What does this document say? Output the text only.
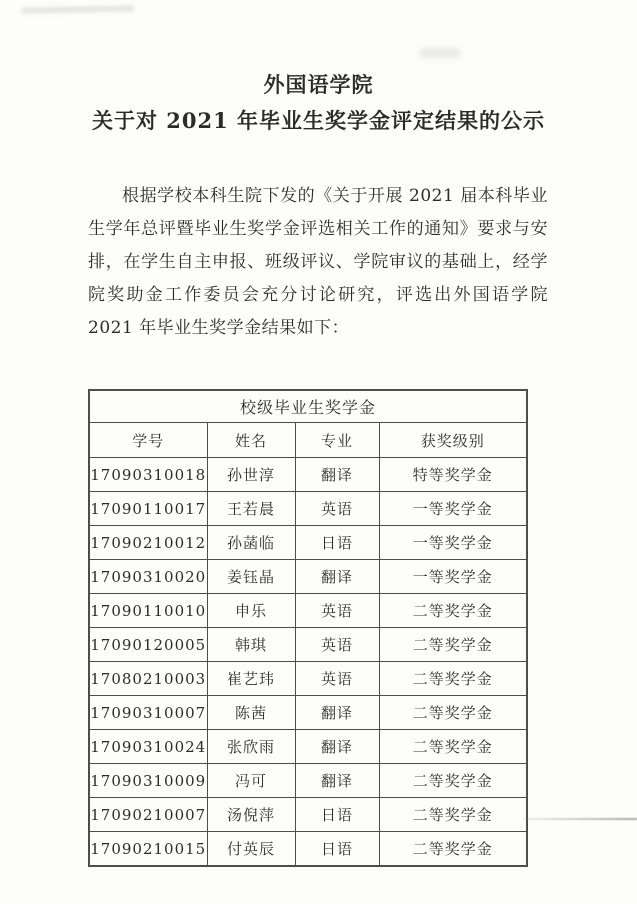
外国语学院
关于对 2021 年毕业生奖学金评定结果的公示

根据学校本科生院下发的《关于开展 2021 届本科毕业生学年总评暨毕业生奖学金评选相关工作的通知》要求与安排，在学生自主申报、班级评议、学院审议的基础上，经学院奖助金工作委员会充分讨论研究，评选出外国语学院 2021 年毕业生奖学金结果如下：

校级毕业生奖学金			
学号	姓名	专业	获奖级别
17090310018	孙世淳	翻译	特等奖学金
17090110017	王若晨	英语	一等奖学金
17090210012	孙菡临	日语	一等奖学金
17090310020	姜钰晶	翻译	一等奖学金
17090110010	申乐	英语	二等奖学金
17090120005	韩琪	英语	二等奖学金
17080210003	崔艺玮	英语	二等奖学金
17090310007	陈茜	翻译	二等奖学金
17090310024	张欣雨	翻译	二等奖学金
17090310009	冯可	翻译	二等奖学金
17090210007	汤倪萍	日语	二等奖学金
17090210015	付英辰	日语	二等奖学金
